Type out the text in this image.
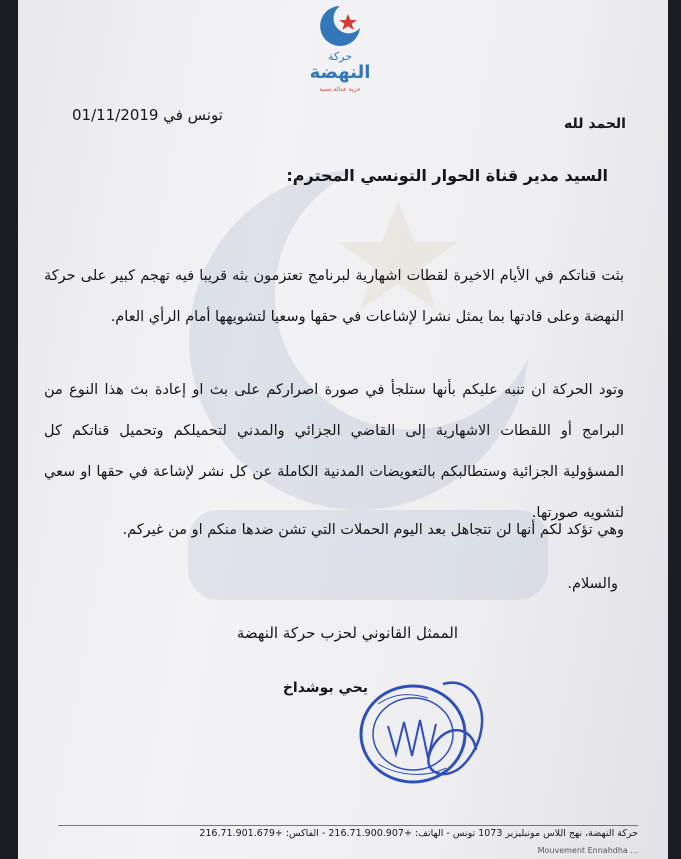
حركة
النهضة
حرية عدالة تنمية
تونس في 01/11/2019	الحمد لله
السيد مدير قناة الحوار التونسي المحترم:
بثت قناتكم في الأيام الاخيرة لقطات اشهارية لبرنامج تعتزمون بثه قريبا فيه تهجم كبير على حركة النهضة وعلى قادتها بما يمثل نشرا لإشاعات في حقها وسعيا لتشويهها أمام الرأي العام.
وتود الحركة ان تنبه عليكم بأنها ستلجأ في صورة اصراركم على بث او إعادة بث هذا النوع من البرامج أو اللقطات الاشهارية إلى القاضي الجزائي والمدني لتحميلكم وتحميل قناتكم كل المسؤولية الجزائية وستطالبكم بالتعويضات المدنية الكاملة عن كل نشر لإشاعة في حقها او سعي لتشويه صورتها.
وهي تؤكد لكم أنها لن تتجاهل بعد اليوم الحملات التي تشن ضدها منكم او من غيركم.
والسلام.
الممثل القانوني لحزب حركة النهضة
يحي بوشداخ
حركة النهضة، نهج اللاس مونبليزير 1073 تونس - الهاتف: +216.71.900.907 - الفاكس: +216.71.901.679
Mouvement Ennahdha ...
